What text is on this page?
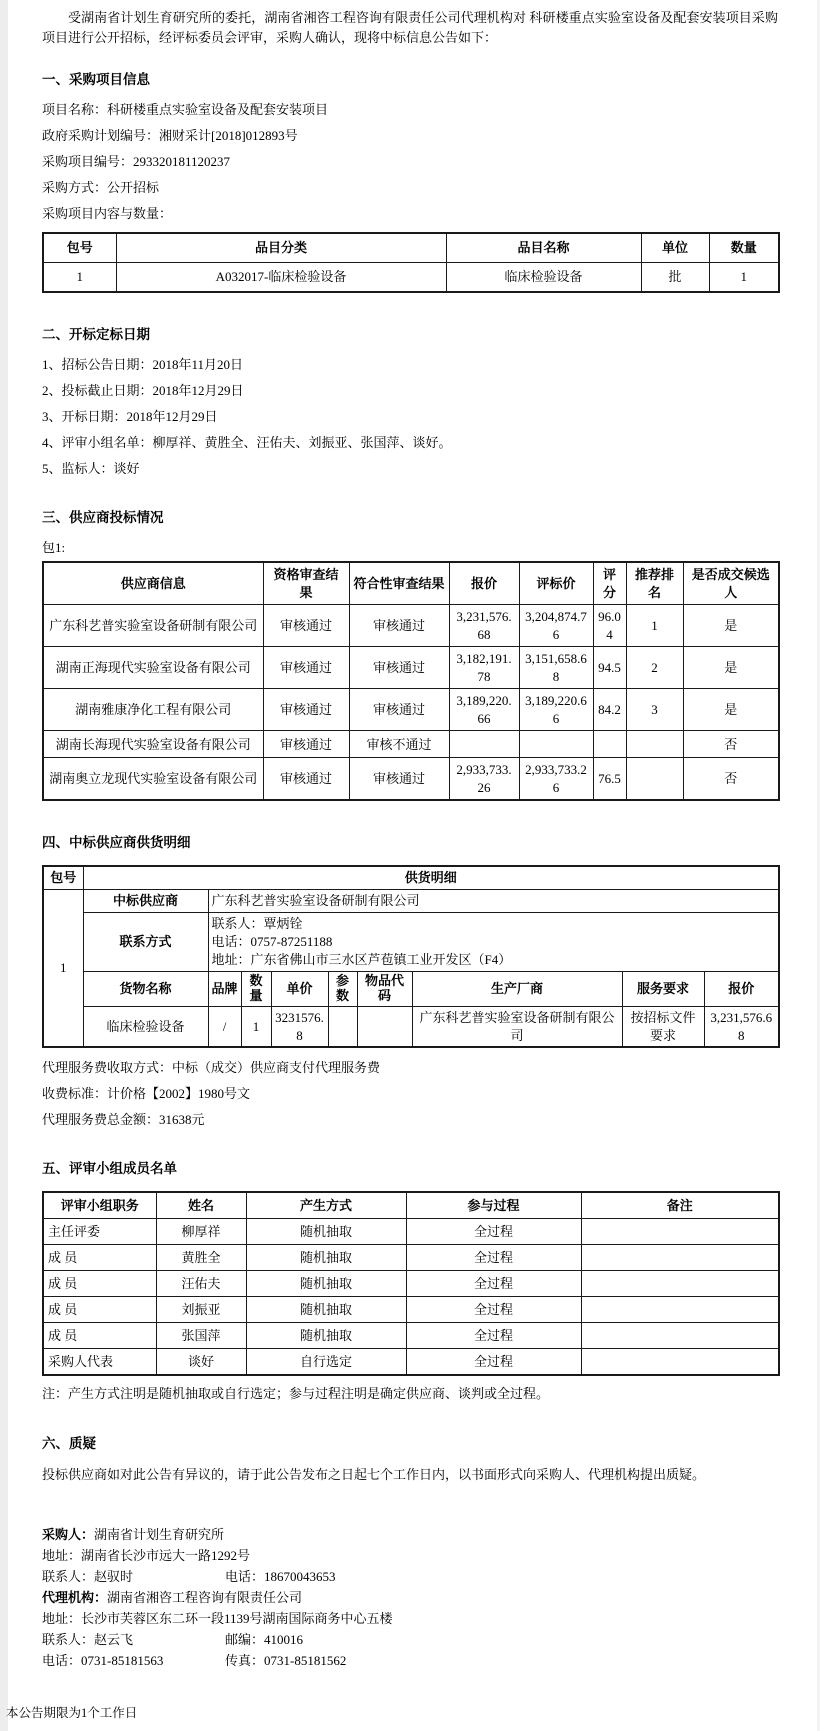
受湖南省计划生育研究所的委托，湖南省湘咨工程咨询有限责任公司代理机构对 科研楼重点实验室设备及配套安装项目采购项目进行公开招标，经评标委员会评审，采购人确认，现将中标信息公告如下：

一、采购项目信息

项目名称：科研楼重点实验室设备及配套安装项目

政府采购计划编号：湘财采计[2018]012893号

采购项目编号：293320181120237

采购方式：公开招标

采购项目内容与数量：

包号	品目分类	品目名称	单位	数量
1	A032017-临床检验设备	临床检验设备	批	1
二、开标定标日期

1、招标公告日期：2018年11月20日

2、投标截止日期：2018年12月29日

3、开标日期：2018年12月29日

4、评审小组名单：柳厚祥、黄胜全、汪佑夫、刘振亚、张国萍、谈好。

5、监标人：谈好

三、供应商投标情况

包1:

供应商信息	资格审查结果	符合性审查结果	报价	评标价	评分	推荐排名	是否成交候选人
广东科艺普实验室设备研制有限公司	审核通过	审核通过	3,231,576.68	3,204,874.76	96.04	1	是
湖南正海现代实验室设备有限公司	审核通过	审核通过	3,182,191.78	3,151,658.68	94.5	2	是
湖南雅康净化工程有限公司	审核通过	审核通过	3,189,220.66	3,189,220.66	84.2	3	是
湖南长海现代实验室设备有限公司	审核通过	审核不通过					否
湖南奥立龙现代实验室设备有限公司	审核通过	审核通过	2,933,733.26	2,933,733.26	76.5		否
四、中标供应商供货明细
包号	供货明细								
1	中标供应商	广东科艺普实验室设备研制有限公司							
	联系方式	联系人：覃炳铨
电话：0757-87251188
地址：广东省佛山市三水区芦苞镇工业开发区（F4）							

	货物名称	品牌	数量	单价	参数	物品代码	生产厂商	服务要求	报价
	临床检验设备	/	1	3231576.8			广东科艺普实验室设备研制有限公司	按招标文件要求	3,231,576.68

代理服务费收取方式：中标（成交）供应商支付代理服务费

收费标准：计价格【2002】1980号文

代理服务费总金额：31638元

五、评审小组成员名单
评审小组职务	姓名	产生方式	参与过程	备注
主任评委	柳厚祥	随机抽取	全过程	
成 员	黄胜全	随机抽取	全过程	
成 员	汪佑夫	随机抽取	全过程	
成 员	刘振亚	随机抽取	全过程	
成 员	张国萍	随机抽取	全过程	
采购人代表	谈好	自行选定	全过程	

注：产生方式注明是随机抽取或自行选定；参与过程注明是确定供应商、谈判或全过程。

六、质疑

投标供应商如对此公告有异议的，请于此公告发布之日起七个工作日内，以书面形式向采购人、代理机构提出质疑。

采购人：湖南省计划生育研究所
地址：湖南省长沙市远大一路1292号
联系人：赵驭时	电话：18670043653
代理机构：湖南省湘咨工程咨询有限责任公司
地址：长沙市芙蓉区东二环一段1139号湖南国际商务中心五楼
联系人：赵云飞	邮编：410016
电话：0731-85181563	传真：0731-85181562
本公告期限为1个工作日
